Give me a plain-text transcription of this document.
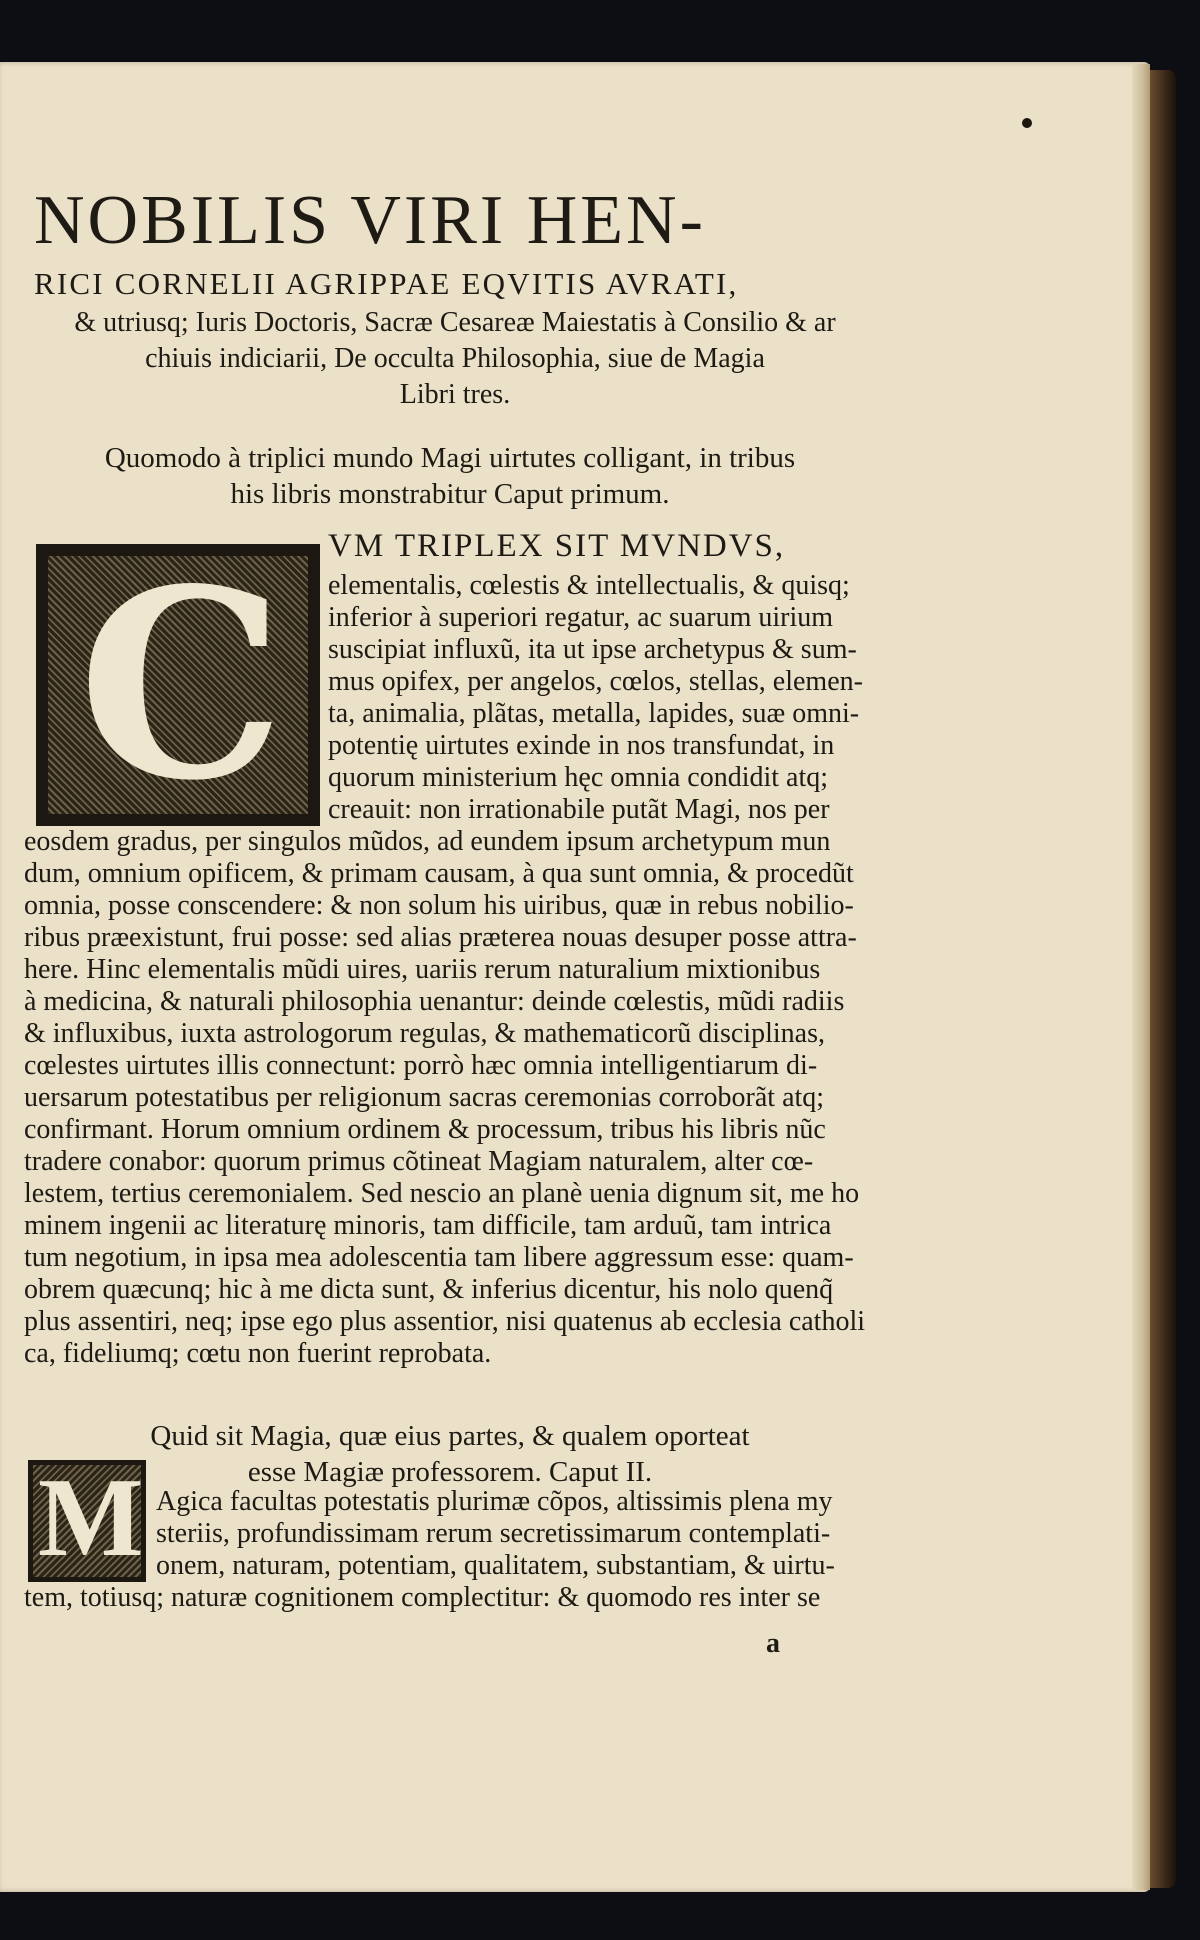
NOBILIS VIRI HEN-
RICI CORNELII AGRIPPAE EQVITIS AVRATI,
& utriusq; Iuris Doctoris, Sacræ Cesareæ Maiestatis à Consilio & ar
chiuis indiciarii, De occulta Philosophia, siue de Magia
Libri tres.
Quomodo à triplici mundo Magi uirtutes colligant, in tribus
his libris monstrabitur Caput primum.
C VM TRIPLEX SIT MVNDVS,
elementalis, cœlestis & intellectualis, & quisq;
inferior à superiori regatur, ac suarum uirium
suscipiat influxũ, ita ut ipse archetypus & sum-
mus opifex, per angelos, cœlos, stellas, elemen-
ta, animalia, plãtas, metalla, lapides, suæ omni-
potentię uirtutes exinde in nos transfundat, in
quorum ministerium hęc omnia condidit atq;
creauit: non irrationabile putãt Magi, nos per
eosdem gradus, per singulos mũdos, ad eundem ipsum archetypum mun
dum, omnium opificem, & primam causam, à qua sunt omnia, & procedũt
omnia, posse conscendere: & non solum his uiribus, quæ in rebus nobilio-
ribus præexistunt, frui posse: sed alias præterea nouas desuper posse attra-
here. Hinc elementalis mũdi uires, uariis rerum naturalium mixtionibus
à medicina, & naturali philosophia uenantur: deinde cœlestis, mũdi radiis
& influxibus, iuxta astrologorum regulas, & mathematicorũ disciplinas,
cœlestes uirtutes illis connectunt: porrò hæc omnia intelligentiarum di-
uersarum potestatibus per religionum sacras ceremonias corroborãt atq;
confirmant. Horum omnium ordinem & processum, tribus his libris nũc
tradere conabor: quorum primus cõtineat Magiam naturalem, alter cœ-
lestem, tertius ceremonialem. Sed nescio an planè uenia dignum sit, me ho
minem ingenii ac literaturę minoris, tam difficile, tam arduũ, tam intrica
tum negotium, in ipsa mea adolescentia tam libere aggressum esse: quam-
obrem quæcunq; hic à me dicta sunt, & inferius dicentur, his nolo quenq̃
plus assentiri, neq; ipse ego plus assentior, nisi quatenus ab ecclesia catholi
ca, fideliumq; cœtu non fuerint reprobata.
Quid sit Magia, quæ eius partes, & qualem oporteat
esse Magiæ professorem. Caput II.
M Agica facultas potestatis plurimæ cõpos, altissimis plena my
steriis, profundissimam rerum secretissimarum contemplati-
onem, naturam, potentiam, qualitatem, substantiam, & uirtu-
tem, totiusq; naturæ cognitionem complectitur: & quomodo res inter se
a
